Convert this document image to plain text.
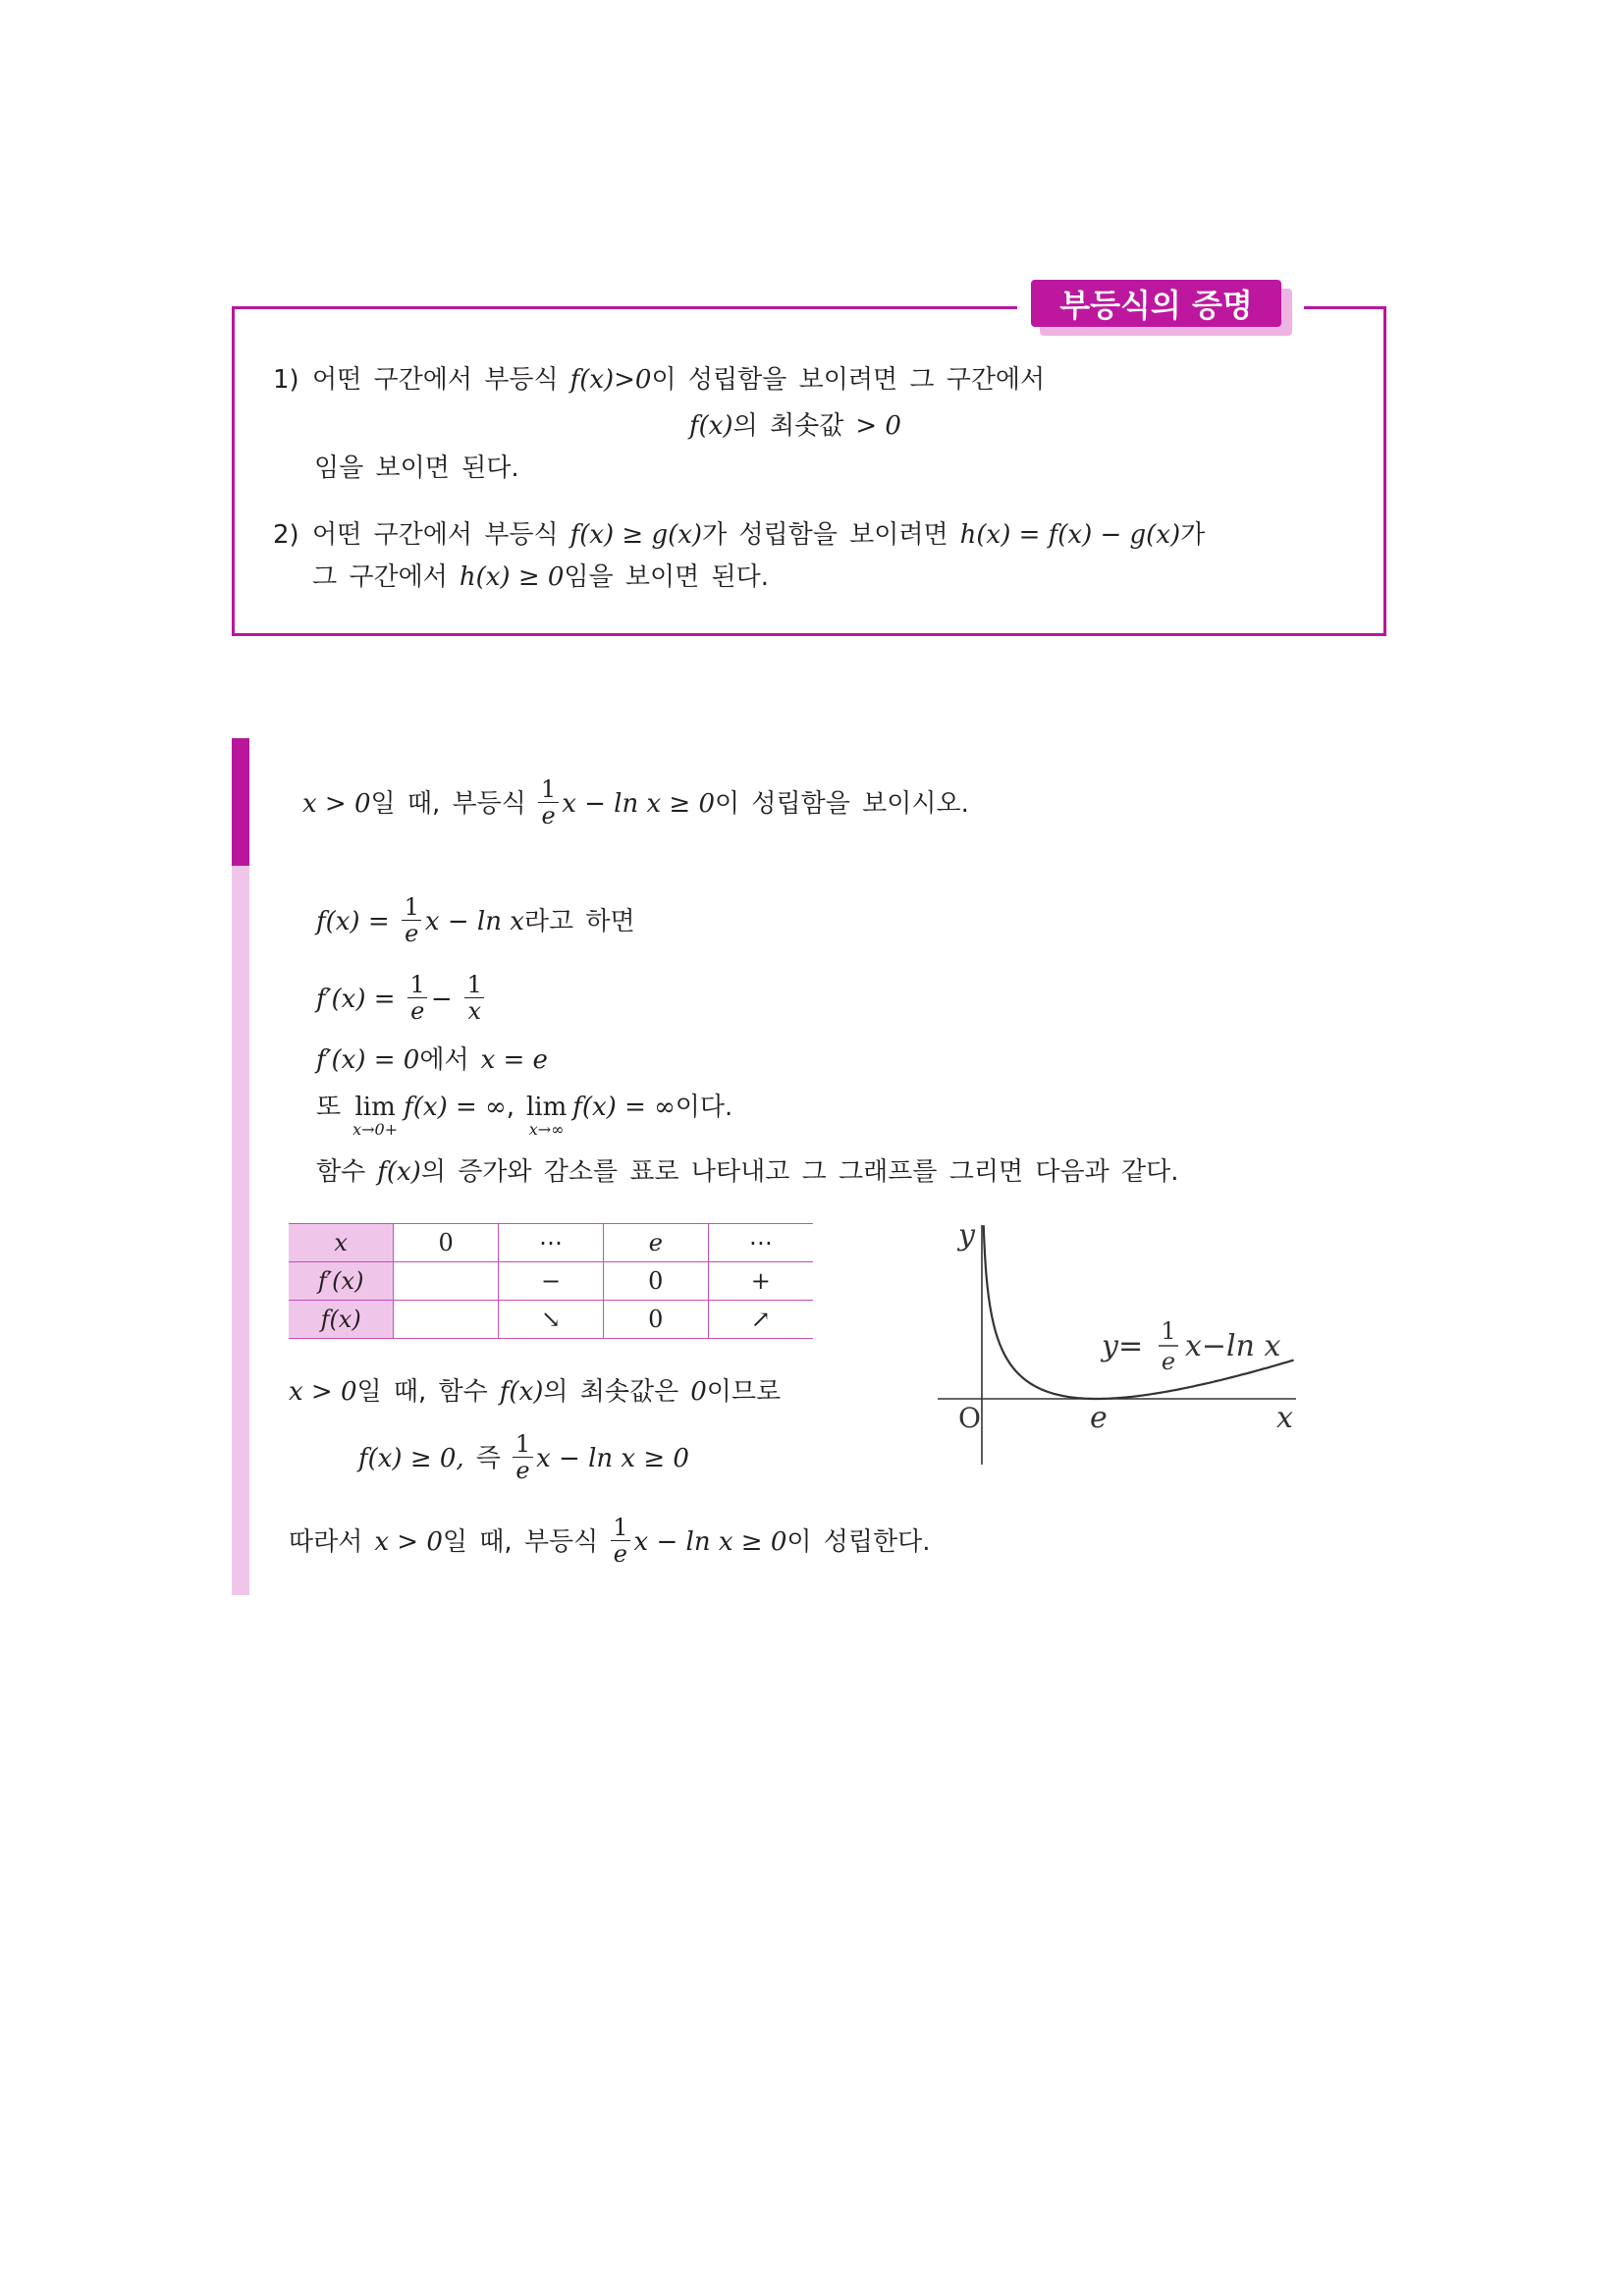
부등식의 증명
1) 어떤 구간에서 부등식 f(x)>0이 성립함을 보이려면 그 구간에서
f(x)의 최솟값 > 0
임을 보이면 된다.
2) 어떤 구간에서 부등식 f(x) ≥ g(x)가 성립함을 보이려면 h(x) = f(x) − g(x)가
그 구간에서 h(x) ≥ 0임을 보이면 된다.
x > 0일 때, 부등식 $\frac{1}{e}$ x − ln x ≥ 0이 성립함을 보이시오.
$f(x) = \frac{1}{e}$ x − ln x라고 하면
$f'(x) = \frac{1}{e} - \frac{1}{x}$
f′(x) = 0에서 x = e
또 lim
x→0+
f(x) = ∞, lim
x→∞
f(x) = ∞이다.
함수 f(x)의 증가와 감소를 표로 나타내고 그 그래프를 그리면 다음과 같다.
x	0	⋯	e	⋯
f′(x)		−	0	+
f(x)		↘	0	↗
y
O	e	x
y= 1
e x−ln x
x > 0일 때, 함수 f(x)의 최솟값은 0이므로
f(x) ≥ 0, 즉 $\frac{1}{e}$ x − ln x ≥ 0
따라서 x > 0일 때, 부등식 $\frac{1}{e}$ x − ln x ≥ 0이 성립한다.
